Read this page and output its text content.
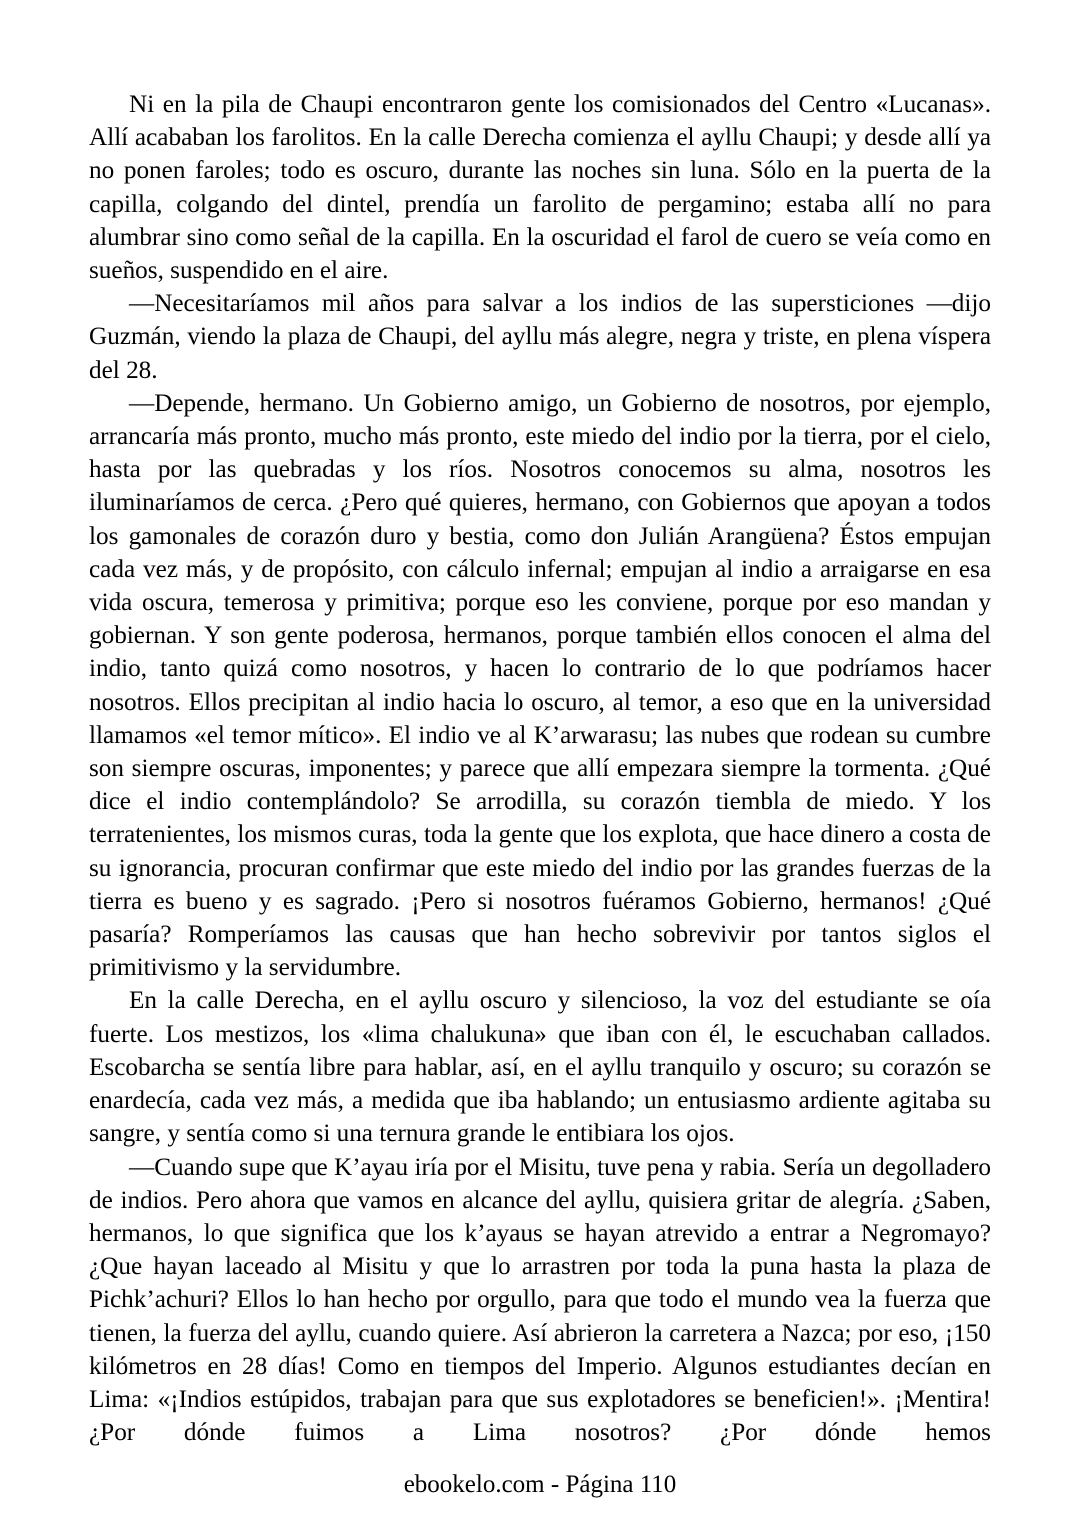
Ni en la pila de Chaupi encontraron gente los comisionados del Centro «Lucanas». Allí acababan los farolitos. En la calle Derecha comienza el ayllu Chaupi; y desde allí ya no ponen faroles; todo es oscuro, durante las noches sin luna. Sólo en la puerta de la capilla, colgando del dintel, prendía un farolito de pergamino; estaba allí no para alumbrar sino como señal de la capilla. En la oscuridad el farol de cuero se veía como en sueños, suspendido en el aire.

—Necesitaríamos mil años para salvar a los indios de las supersticiones —dijo Guzmán, viendo la plaza de Chaupi, del ayllu más alegre, negra y triste, en plena víspera del 28.

—Depende, hermano. Un Gobierno amigo, un Gobierno de nosotros, por ejemplo, arrancaría más pronto, mucho más pronto, este miedo del indio por la tierra, por el cielo, hasta por las quebradas y los ríos. Nosotros conocemos su alma, nosotros les iluminaríamos de cerca. ¿Pero qué quieres, hermano, con Gobiernos que apoyan a todos los gamonales de corazón duro y bestia, como don Julián Arangüena? Éstos empujan cada vez más, y de propósito, con cálculo infernal; empujan al indio a arraigarse en esa vida oscura, temerosa y primitiva; porque eso les conviene, porque por eso mandan y gobiernan. Y son gente poderosa, hermanos, porque también ellos conocen el alma del indio, tanto quizá como nosotros, y hacen lo contrario de lo que podríamos hacer nosotros. Ellos precipitan al indio hacia lo oscuro, al temor, a eso que en la universidad llamamos «el temor mítico». El indio ve al K’arwarasu; las nubes que rodean su cumbre son siempre oscuras, imponentes; y parece que allí empezara siempre la tormenta. ¿Qué dice el indio contemplándolo? Se arrodilla, su corazón tiembla de miedo. Y los terratenientes, los mismos curas, toda la gente que los explota, que hace dinero a costa de su ignorancia, procuran confirmar que este miedo del indio por las grandes fuerzas de la tierra es bueno y es sagrado. ¡Pero si nosotros fuéramos Gobierno, hermanos! ¿Qué pasaría? Romperíamos las causas que han hecho sobrevivir por tantos siglos el primitivismo y la servidumbre.

En la calle Derecha, en el ayllu oscuro y silencioso, la voz del estudiante se oía fuerte. Los mestizos, los «lima chalukuna» que iban con él, le escuchaban callados. Escobarcha se sentía libre para hablar, así, en el ayllu tranquilo y oscuro; su corazón se enardecía, cada vez más, a medida que iba hablando; un entusiasmo ardiente agitaba su sangre, y sentía como si una ternura grande le entibiara los ojos.

—Cuando supe que K’ayau iría por el Misitu, tuve pena y rabia. Sería un degolladero de indios. Pero ahora que vamos en alcance del ayllu, quisiera gritar de alegría. ¿Saben, hermanos, lo que significa que los k’ayaus se hayan atrevido a entrar a Negromayo? ¿Que hayan laceado al Misitu y que lo arrastren por toda la puna hasta la plaza de Pichk’achuri? Ellos lo han hecho por orgullo, para que todo el mundo vea la fuerza que tienen, la fuerza del ayllu, cuando quiere. Así abrieron la carretera a Nazca; por eso, ¡150 kilómetros en 28 días! Como en tiempos del Imperio. Algunos estudiantes decían en Lima: «¡Indios estúpidos, trabajan para que sus explotadores se beneficien!». ¡Mentira! ¿Por dónde fuimos a Lima nosotros? ¿Por dónde hemos

ebookelo.com - Página 110
